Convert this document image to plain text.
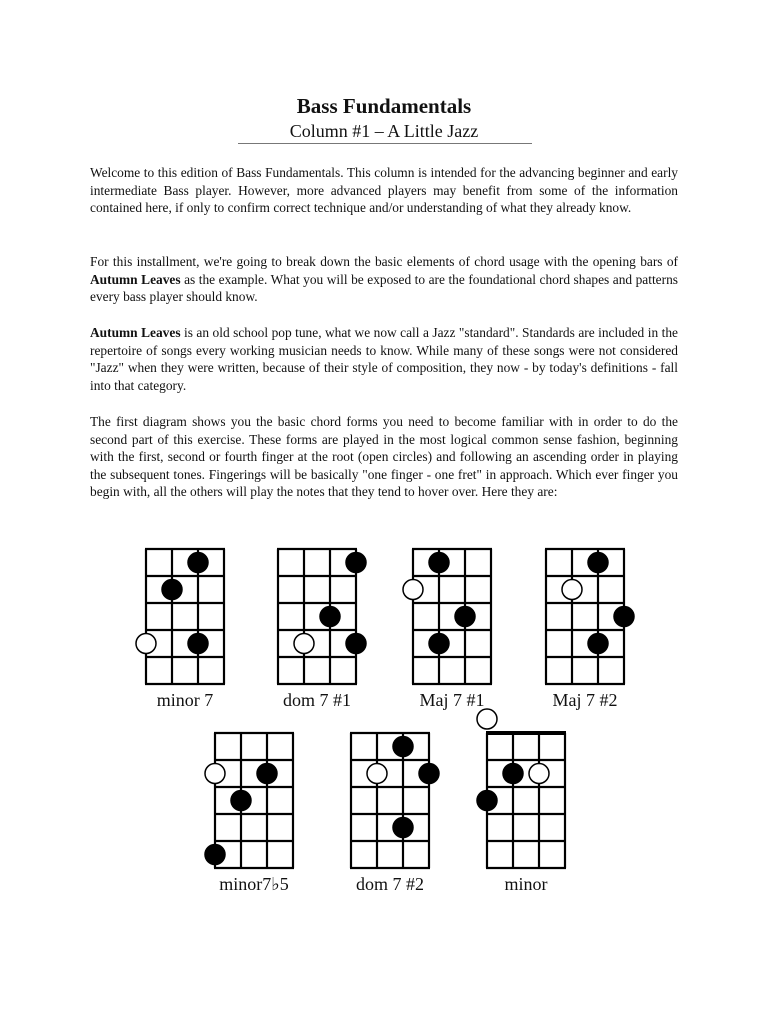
Bass Fundamentals
Column #1 – A Little Jazz

Welcome to this edition of Bass Fundamentals. This column is intended for the advancing beginner and early intermediate Bass player. However, more advanced players may benefit from some of the information contained here, if only to confirm correct technique and/or understanding of what they already know.

For this installment, we're going to break down the basic elements of chord usage with the opening bars of Autumn Leaves as the example. What you will be exposed to are the foundational chord shapes and patterns every bass player should know.

Autumn Leaves is an old school pop tune, what we now call a Jazz "standard". Standards are included in the repertoire of songs every working musician needs to know. While many of these songs were not considered "Jazz" when they were written, because of their style of composition, they now - by today's definitions - fall into that category.

The first diagram shows you the basic chord forms you need to become familiar with in order to do the second part of this exercise. These forms are played in the most logical common sense fashion, beginning with the first, second or fourth finger at the root (open circles) and following an ascending order in playing the subsequent tones. Fingerings will be basically "one finger - one fret" in approach. Which ever finger you begin with, all the others will play the notes that they tend to hover over. Here they are:

minor 7	dom 7 #1	Maj 7 #1	Maj 7 #2
minor7♭5	dom 7 #2	minor
